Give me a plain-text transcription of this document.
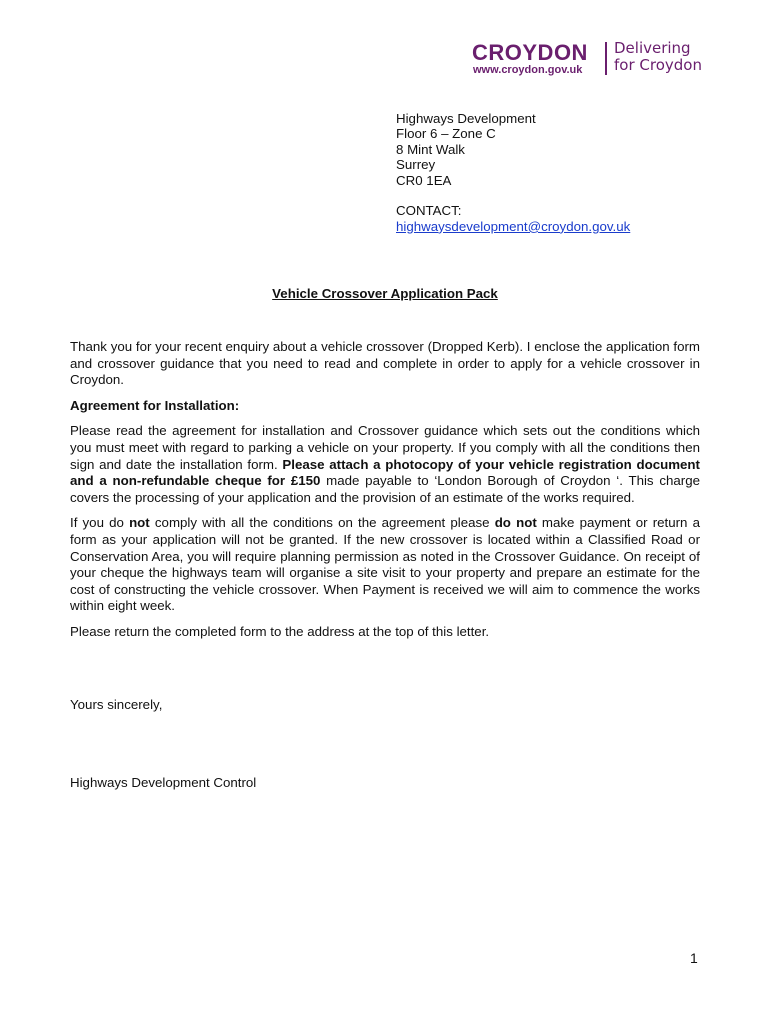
CROYDON
www.croydon.gov.uk
Delivering
for Croydon
Highways Development
Floor 6 – Zone C
8 Mint Walk
Surrey
CR0 1EA
CONTACT:
highwaysdevelopment@croydon.gov.uk
Vehicle Crossover Application Pack

Thank you for your recent enquiry about a vehicle crossover (Dropped Kerb). I enclose the application form and crossover guidance that you need to read and complete in order to apply for a vehicle crossover in Croydon.

Agreement for Installation:

Please read the agreement for installation and Crossover guidance which sets out the conditions which you must meet with regard to parking a vehicle on your property. If you comply with all the conditions then sign and date the installation form. Please attach a photocopy of your vehicle registration document and a non-refundable cheque for £150 made payable to ‘London Borough of Croydon ‘. This charge covers the processing of your application and the provision of an estimate of the works required.

If you do not comply with all the conditions on the agreement please do not make payment or return a form as your application will not be granted. If the new crossover is located within a Classified Road or Conservation Area, you will require planning permission as noted in the Crossover Guidance. On receipt of your cheque the highways team will organise a site visit to your property and prepare an estimate for the cost of constructing the vehicle crossover. When Payment is received we will aim to commence the works within eight week.

Please return the completed form to the address at the top of this letter.

Yours sincerely,
Highways Development Control
1
